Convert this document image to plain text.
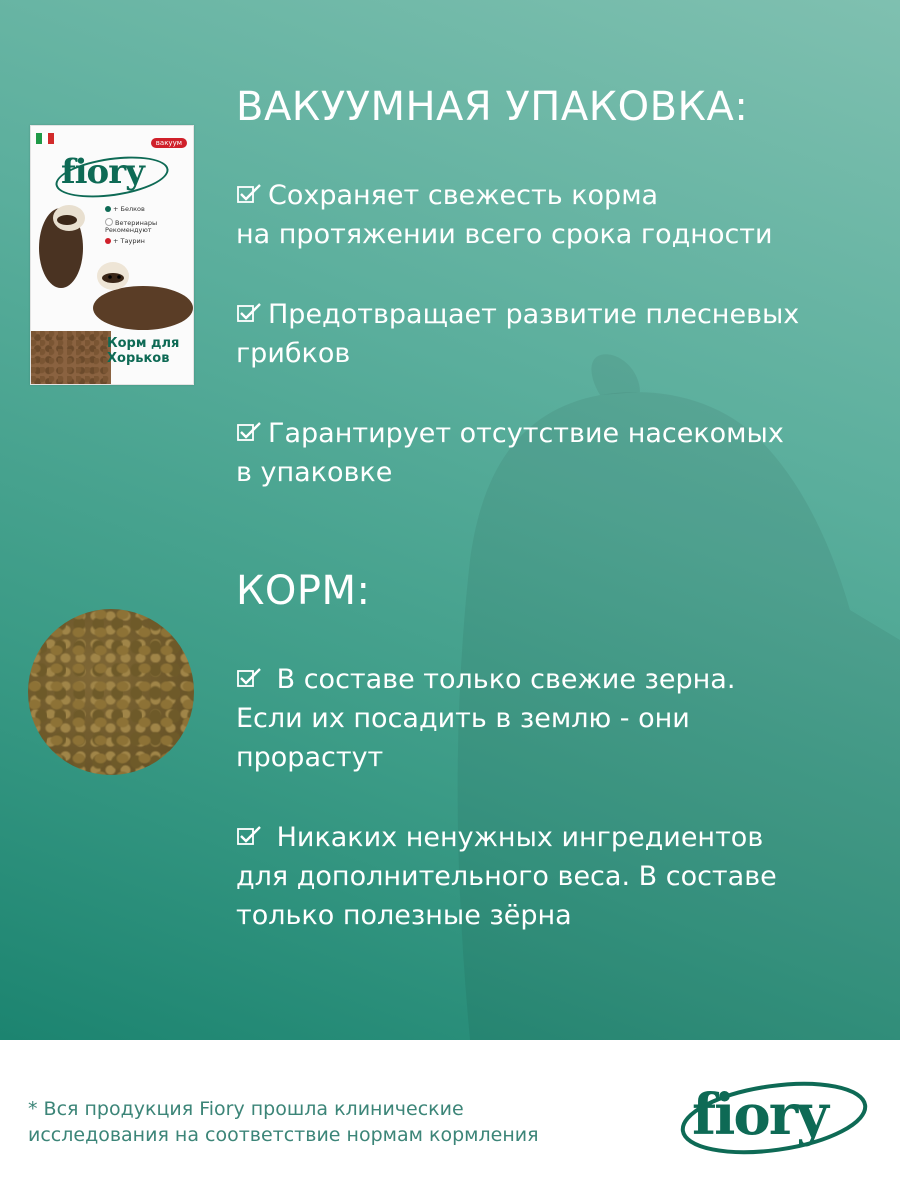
вакуум
fiory
+ Белков
Ветеринары Рекомендуют
+ Таурин
Корм для
Хорьков
ВАКУУМНАЯ УПАКОВКА:

Сохраняет свежесть корма
на протяжении всего срока годности

Предотвращает развитие плесневых
грибков

Гарантирует отсутствие насекомых
в упаковке

КОРМ:

В составе только свежие зерна.
Если их посадить в землю - они
прорастут

Никаких ненужных ингредиентов
для дополнительного веса. В составе
только полезные зёрна

* Вся продукция Fiory прошла клинические
исследования на соответствие нормам кормления	fiory
